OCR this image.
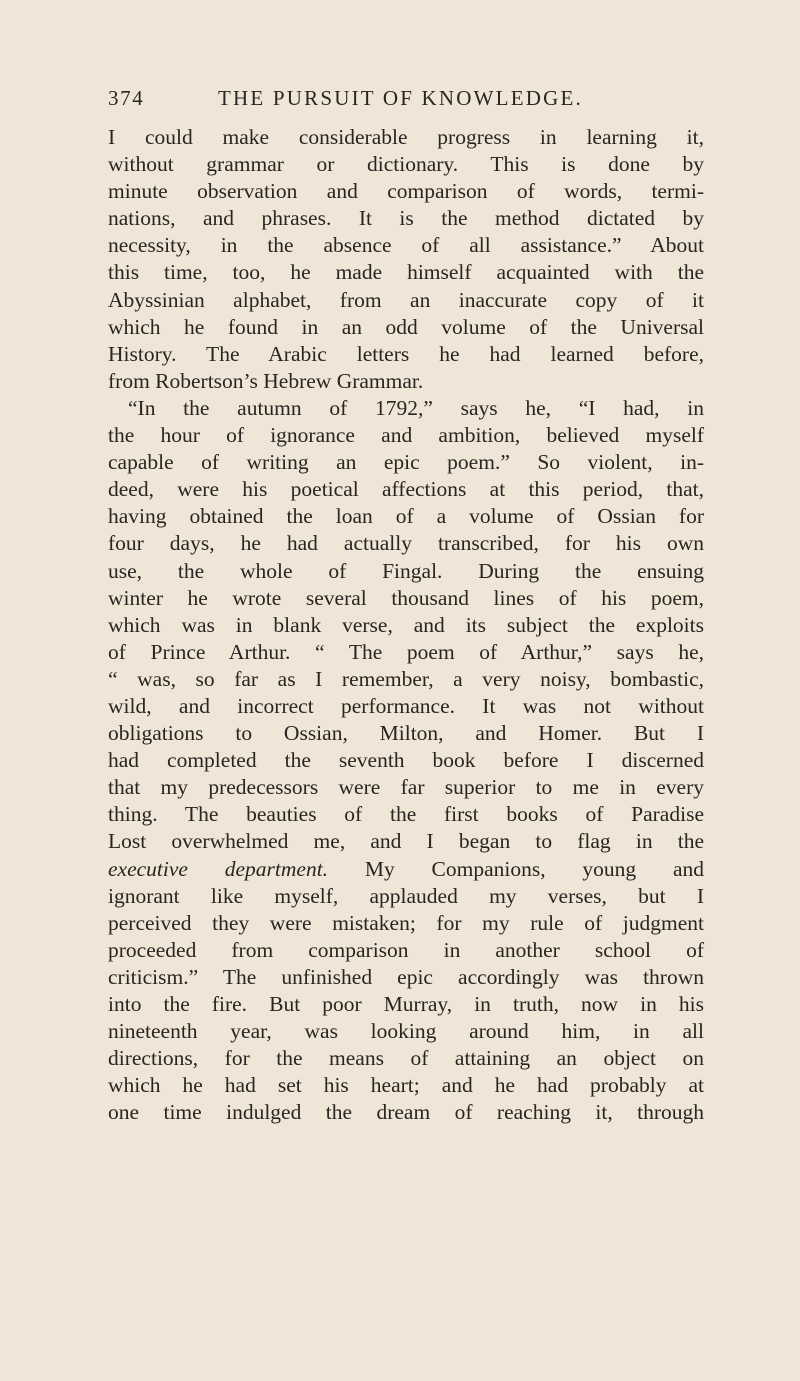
374	THE PURSUIT OF KNOWLEDGE.
I could make considerable progress in learning it,
without grammar or dictionary. This is done by
minute observation and comparison of words, termi-
nations, and phrases. It is the method dictated by
necessity, in the absence of all assistance.” About
this time, too, he made himself acquainted with the
Abyssinian alphabet, from an inaccurate copy of it
which he found in an odd volume of the Universal
History. The Arabic letters he had learned before,
from Robertson’s Hebrew Grammar.
“In the autumn of 1792,” says he, “I had, in
the hour of ignorance and ambition, believed myself
capable of writing an epic poem.” So violent, in-
deed, were his poetical affections at this period, that,
having obtained the loan of a volume of Ossian for
four days, he had actually transcribed, for his own
use, the whole of Fingal. During the ensuing
winter he wrote several thousand lines of his poem,
which was in blank verse, and its subject the exploits
of Prince Arthur. “ The poem of Arthur,” says he,
“ was, so far as I remember, a very noisy, bombastic,
wild, and incorrect performance. It was not without
obligations to Ossian, Milton, and Homer. But I
had completed the seventh book before I discerned
that my predecessors were far superior to me in every
thing. The beauties of the first books of Paradise
Lost overwhelmed me, and I began to flag in the
executive department. My Companions, young and
ignorant like myself, applauded my verses, but I
perceived they were mistaken; for my rule of judgment
proceeded from comparison in another school of
criticism.” The unfinished epic accordingly was thrown
into the fire. But poor Murray, in truth, now in his
nineteenth year, was looking around him, in all
directions, for the means of attaining an object on
which he had set his heart; and he had probably at
one time indulged the dream of reaching it, through
